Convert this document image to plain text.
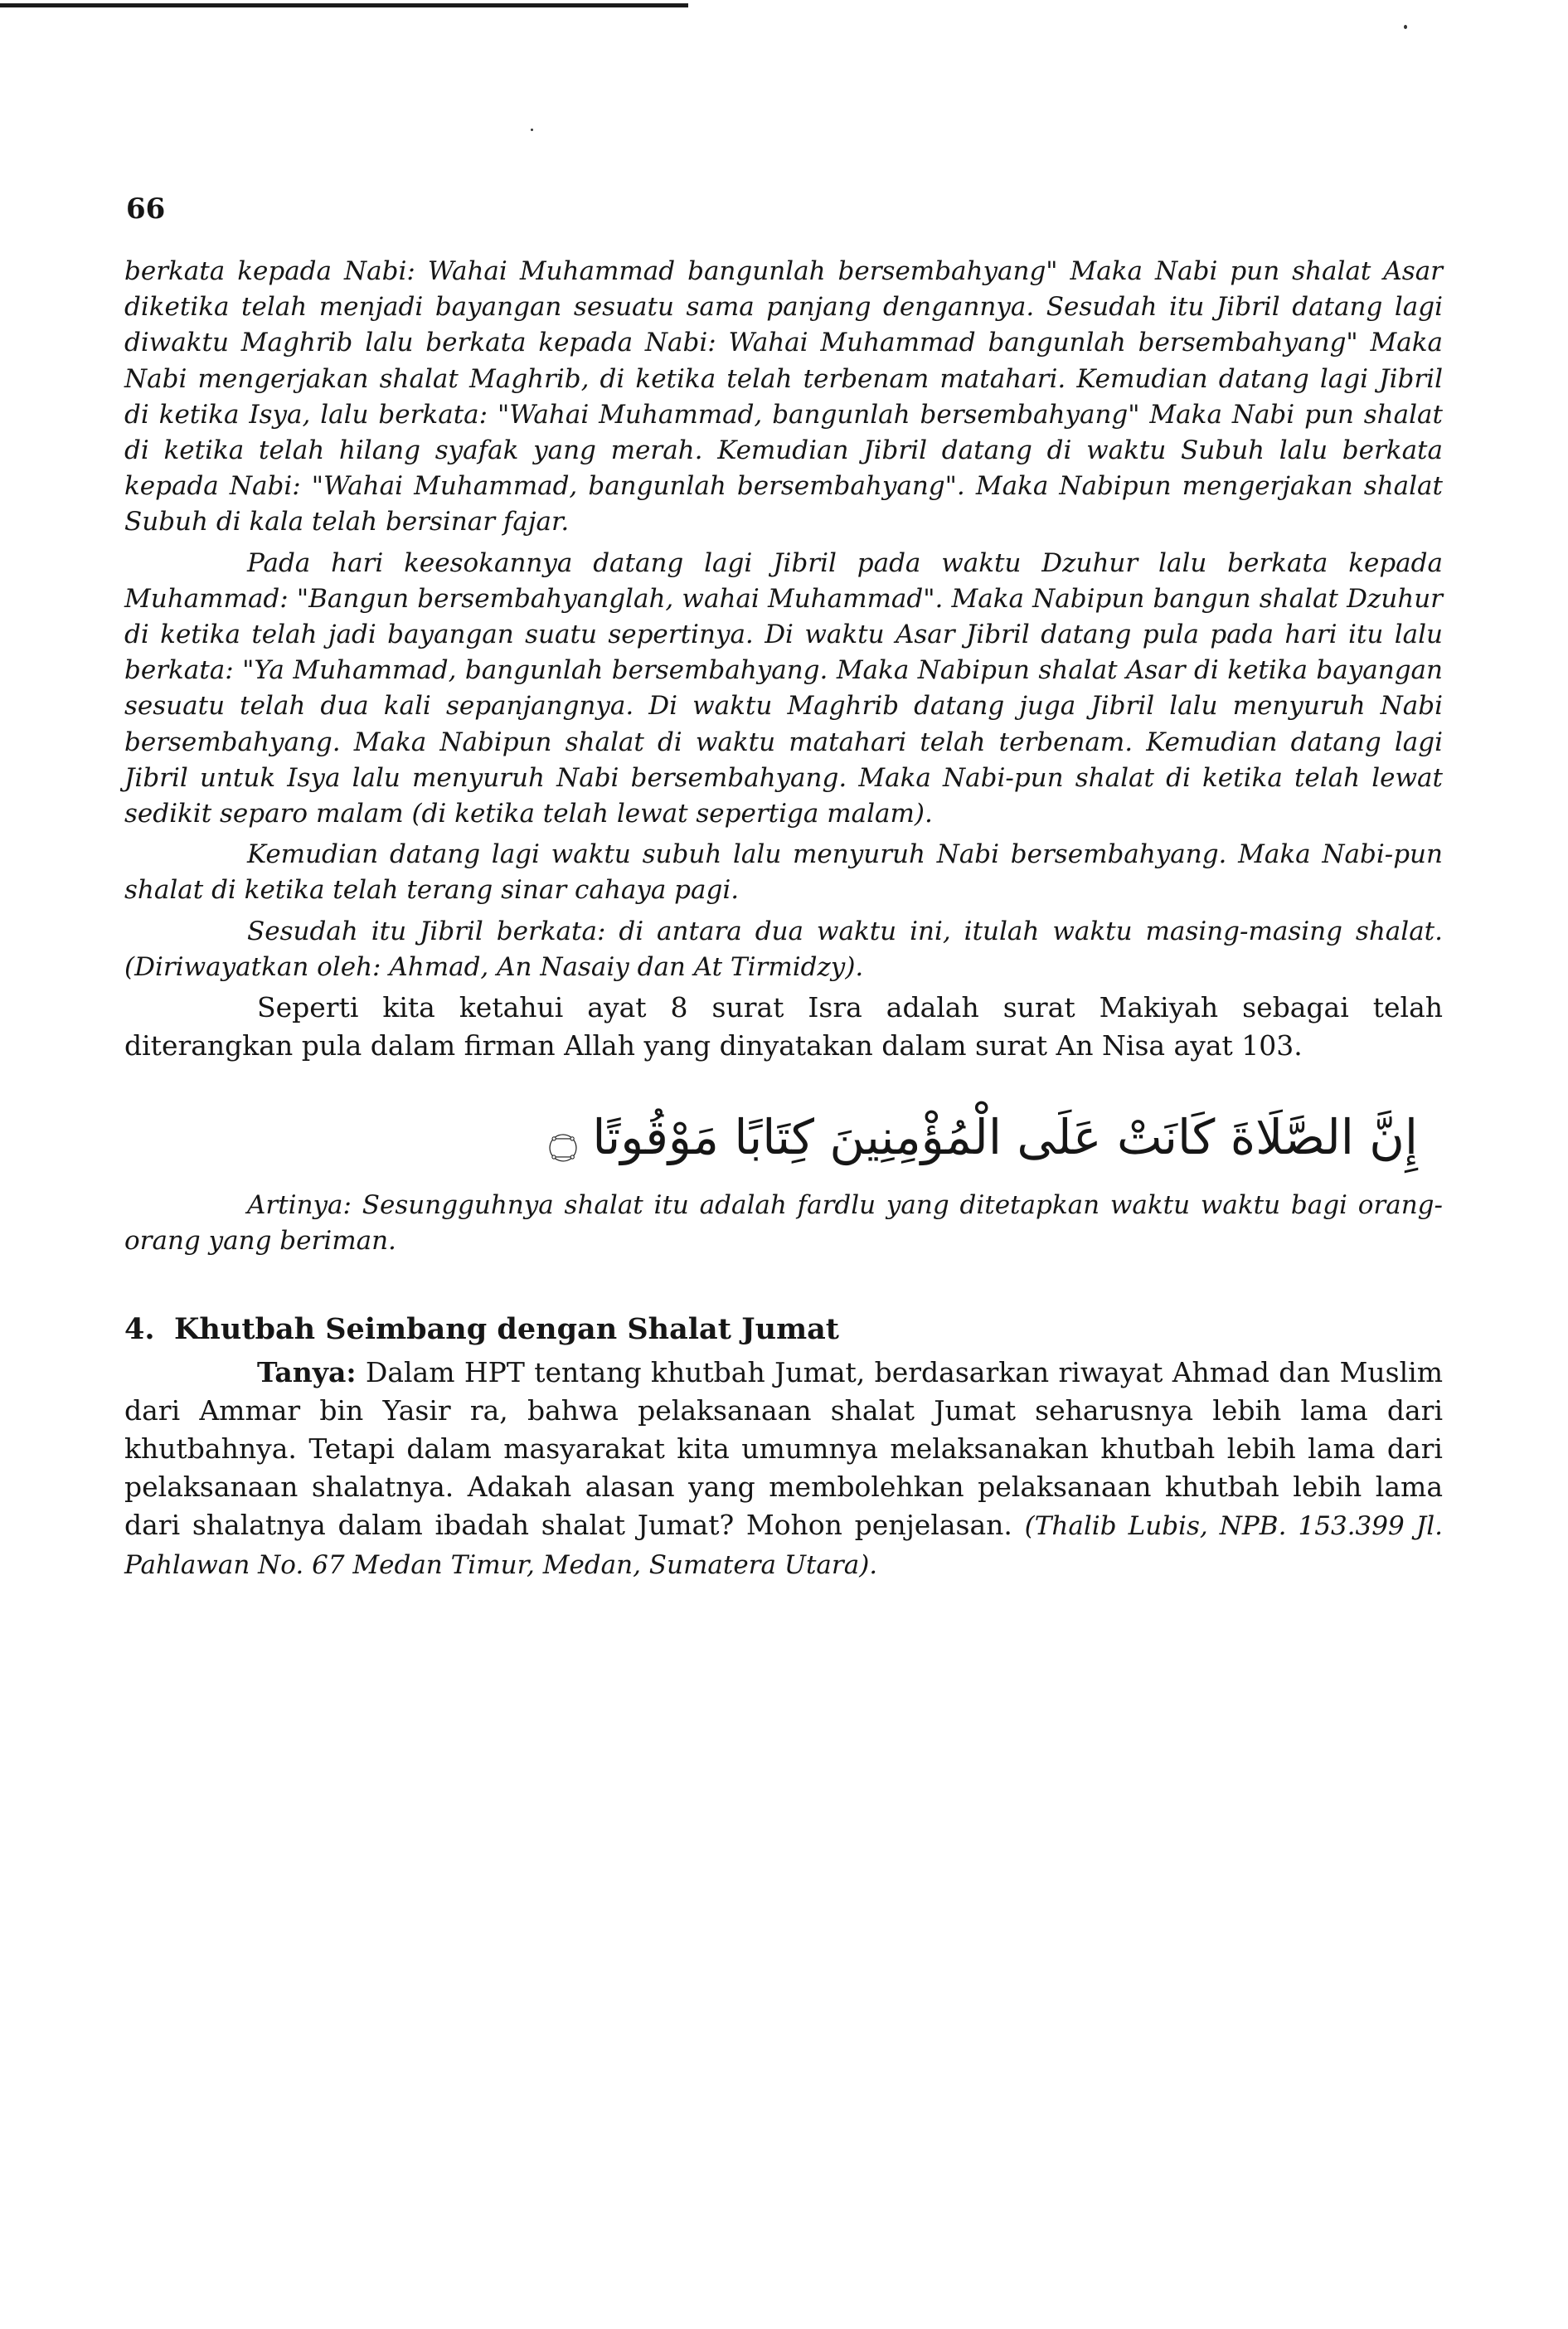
66

berkata kepada Nabi: Wahai Muhammad bangunlah bersembahyang" Maka Nabi pun shalat Asar diketika telah menjadi bayangan sesuatu sama panjang dengannya. Sesudah itu Jibril datang lagi diwaktu Maghrib lalu berkata kepada Nabi: Wahai Muhammad bangunlah bersembahyang" Maka Nabi mengerjakan shalat Maghrib, di ketika telah terbenam matahari. Kemudian datang lagi Jibril di ketika Isya, lalu berkata: "Wahai Muhammad, bangunlah bersembahyang" Maka Nabi pun shalat di ketika telah hilang syafak yang merah. Kemudian Jibril datang di waktu Subuh lalu berkata kepada Nabi: "Wahai Muhammad, bangunlah bersembahyang". Maka Nabipun mengerjakan shalat Subuh di kala telah bersinar fajar.

Pada hari keesokannya datang lagi Jibril pada waktu Dzuhur lalu berkata kepada Muhammad: "Bangun bersembahyanglah, wahai Muhammad". Maka Nabipun bangun shalat Dzuhur di ketika telah jadi bayangan suatu sepertinya. Di waktu Asar Jibril datang pula pada hari itu lalu berkata: "Ya Muhammad, bangunlah bersembahyang. Maka Nabipun shalat Asar di ketika bayangan sesuatu telah dua kali sepanjangnya. Di waktu Maghrib datang juga Jibril lalu menyuruh Nabi bersembahyang. Maka Nabipun shalat di waktu matahari telah terbenam. Kemudian datang lagi Jibril untuk Isya lalu menyuruh Nabi bersembahyang. Maka Nabi-pun shalat di ketika telah lewat sedikit separo malam (di ketika telah lewat sepertiga malam).

Kemudian datang lagi waktu subuh lalu menyuruh Nabi bersembahyang. Maka Nabi-pun shalat di ketika telah terang sinar cahaya pagi.

Sesudah itu Jibril berkata: di antara dua waktu ini, itulah waktu masing-masing shalat. (Diriwayatkan oleh: Ahmad, An Nasaiy dan At Tirmidzy).

Seperti kita ketahui ayat 8 surat Isra adalah surat Makiyah sebagai telah diterangkan pula dalam firman Allah yang dinyatakan dalam surat An Nisa ayat 103.

إِنَّ الصَّلَاةَ كَانَتْ عَلَى الْمُؤْمِنِينَ كِتَابًا مَوْقُوتًا ۝

Artinya: Sesungguhnya shalat itu adalah fardlu yang ditetapkan waktu waktu bagi orang-orang yang beriman.

4. Khutbah Seimbang dengan Shalat Jumat

Tanya: Dalam HPT tentang khutbah Jumat, berdasarkan riwayat Ahmad dan Muslim dari Ammar bin Yasir ra, bahwa pelaksanaan shalat Jumat seharusnya lebih lama dari khutbahnya. Tetapi dalam masyarakat kita umumnya melaksanakan khutbah lebih lama dari pelaksanaan shalatnya. Adakah alasan yang membolehkan pelaksanaan khutbah lebih lama dari shalatnya dalam ibadah shalat Jumat? Mohon penjelasan. (Thalib Lubis, NPB. 153.399 Jl. Pahlawan No. 67 Medan Timur, Medan, Sumatera Utara).
